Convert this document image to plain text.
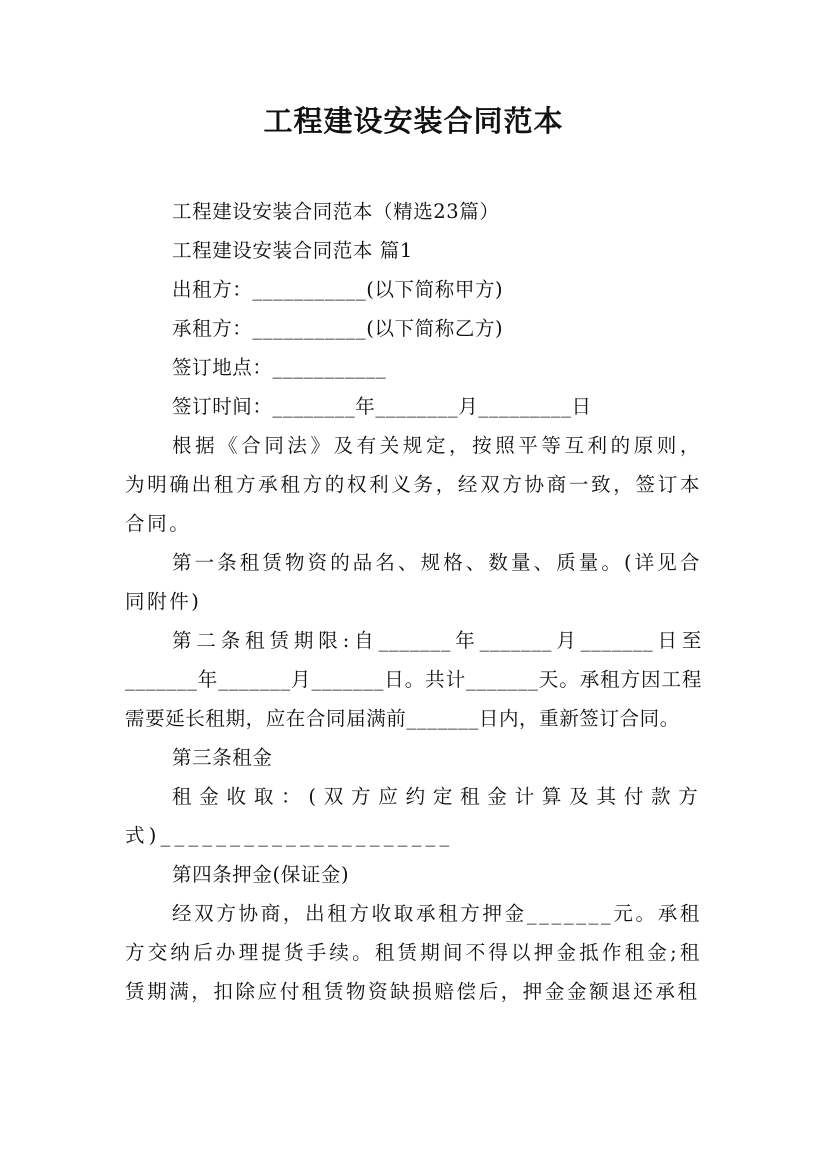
工程建设安装合同范本

工程建设安装合同范本（精选23篇）

工程建设安装合同范本 篇1

出租方：___________(以下简称甲方)

承租方：___________(以下简称乙方)

签订地点：___________

签订时间：________年________月_________日

根据《合同法》及有关规定，按照平等互利的原则，为明确出租方承租方的权利义务，经双方协商一致，签订本合同。

第一条租赁物资的品名、规格、数量、质量。(详见合同附件)

第二条租赁期限:自_______年_______月_______日至_______年_______月_______日。共计_______天。承租方因工程需要延长租期，应在合同届满前_______日内，重新签订合同。

第三条租金

租金收取：(双方应约定租金计算及其付款方式)_____________________

第四条押金(保证金)

经双方协商，出租方收取承租方押金_______元。承租方交纳后办理提货手续。租赁期间不得以押金抵作租金;租赁期满，扣除应付租赁物资缺损赔偿后，押金金额退还承租
